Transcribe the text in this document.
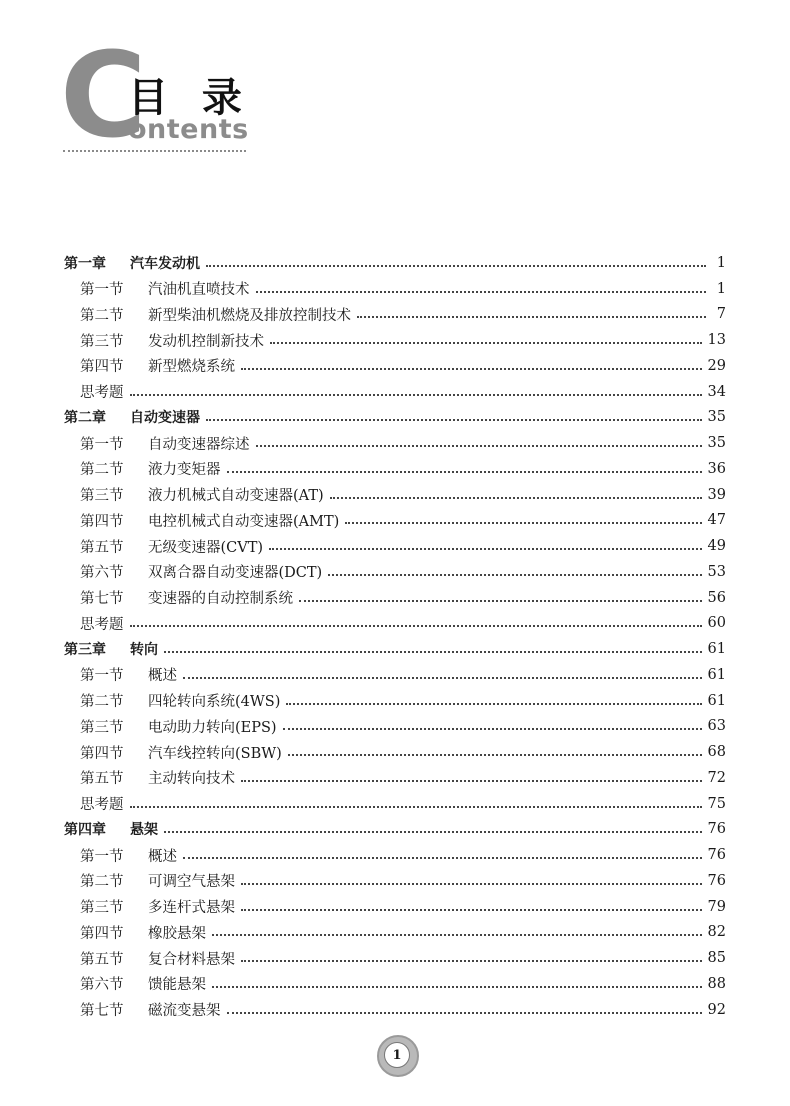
C
目 录
ontents
第一章	汽车发动机	1
第一节	汽油机直喷技术	1
第二节	新型柴油机燃烧及排放控制技术	7
第三节	发动机控制新技术	13
第四节	新型燃烧系统	29
思考题	34
第二章	自动变速器	35
第一节	自动变速器综述	35
第二节	液力变矩器	36
第三节	液力机械式自动变速器(AT)	39
第四节	电控机械式自动变速器(AMT)	47
第五节	无级变速器(CVT)	49
第六节	双离合器自动变速器(DCT)	53
第七节	变速器的自动控制系统	56
思考题	60
第三章	转向	61
第一节	概述	61
第二节	四轮转向系统(4WS)	61
第三节	电动助力转向(EPS)	63
第四节	汽车线控转向(SBW)	68
第五节	主动转向技术	72
思考题	75
第四章	悬架	76
第一节	概述	76
第二节	可调空气悬架	76
第三节	多连杆式悬架	79
第四节	橡胶悬架	82
第五节	复合材料悬架	85
第六节	馈能悬架	88
第七节	磁流变悬架	92
1
